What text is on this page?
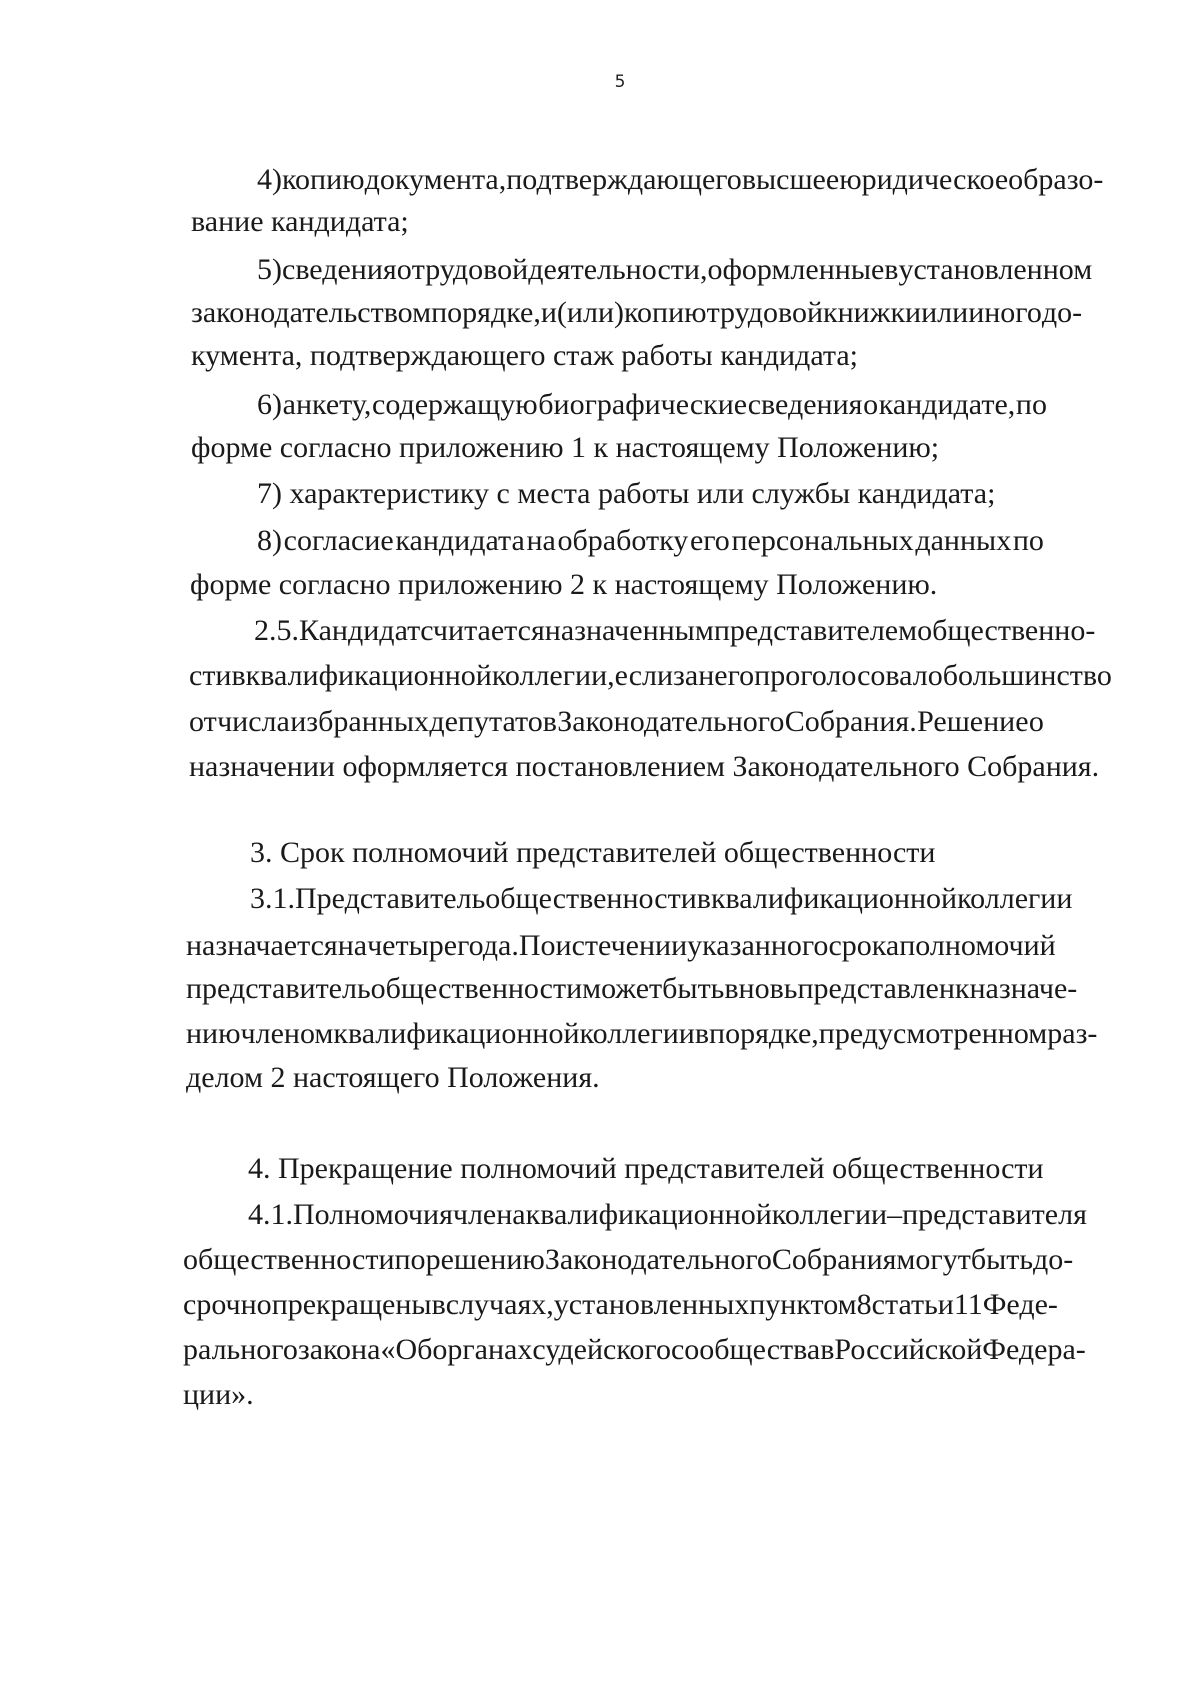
5
4) копию документа, подтверждающего высшее юридическое образо-
вание кандидата;
5) сведения о трудовой деятельности, оформленные в установленном
законодательством порядке, и (или) копию трудовой книжки или иного до-
кумента, подтверждающего стаж работы кандидата;
6) анкету, содержащую биографические сведения о кандидате, по
форме согласно приложению 1 к настоящему Положению;
7) характеристику с места работы или службы кандидата;
8) согласие кандидата на обработку его персональных данных по
форме согласно приложению 2 к настоящему Положению.
2.5. Кандидат считается назначенным представителем общественно-
сти в квалификационной коллегии, если за него проголосовало большинство
от числа избранных депутатов Законодательного Собрания. Решение о
назначении оформляется постановлением Законодательного Собрания.
3. Срок полномочий представителей общественности
3.1. Представитель общественности в квалификационной коллегии
назначается на четыре года. По истечении указанного срока полномочий
представитель общественности может быть вновь представлен к назначе-
нию членом квалификационной коллегии в порядке, предусмотренном раз-
делом 2 настоящего Положения.
4. Прекращение полномочий представителей общественности
4.1. Полномочия члена квалификационной коллегии – представителя
общественности по решению Законодательного Собрания могут быть до-
срочно прекращены в случаях, установленных пунктом 8 статьи 11 Феде-
рального закона «Об органах судейского сообщества в Российской Федера-
ции».
